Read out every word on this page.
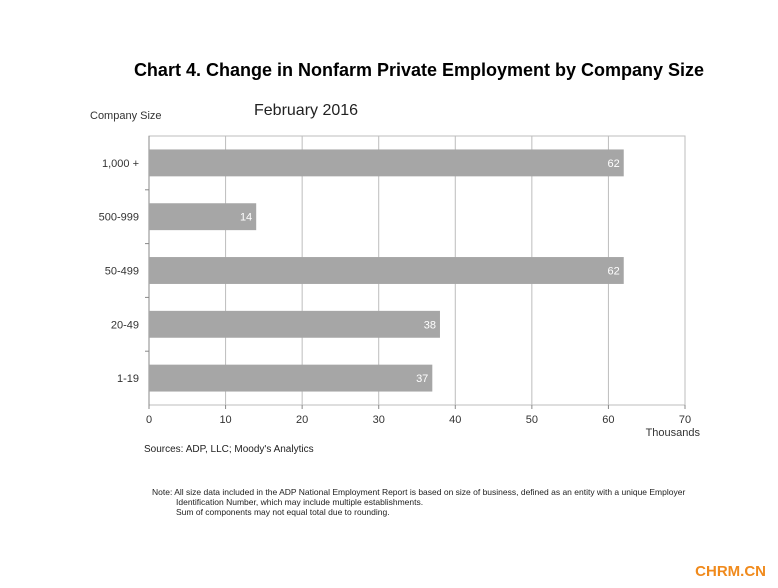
Chart 4. Change in Nonfarm Private Employment by Company Size
February 2016
Company Size
0	10	20	30	40	50	60	70
Thousands
62
1,000 +
14
500-999
62
50-499
38
20-49
37
1-19
Sources: ADP, LLC; Moody's Analytics
Note: All size data included in the ADP National Employment Report is based on size of business, defined as an entity with a unique Employer
Identification Number, which may include multiple establishments.
Sum of components may not equal total due to rounding.
CHRM.CN
